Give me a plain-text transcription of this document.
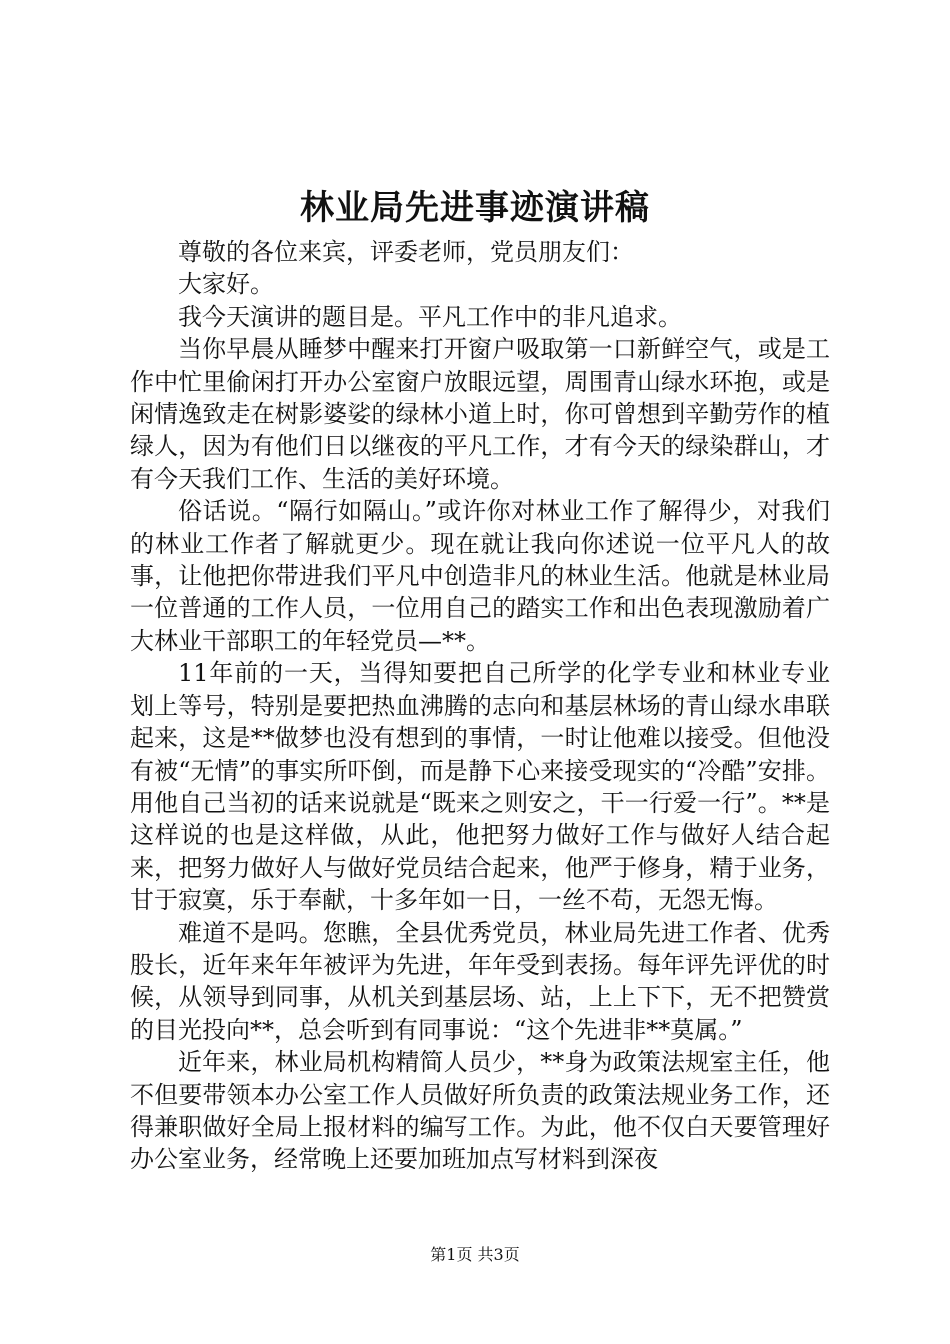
林业局先进事迹演讲稿

尊敬的各位来宾，评委老师，党员朋友们：

大家好。

我今天演讲的题目是。平凡工作中的非凡追求。

当你早晨从睡梦中醒来打开窗户吸取第一口新鲜空气，或是工作中忙里偷闲打开办公室窗户放眼远望，周围青山绿水环抱，或是闲情逸致走在树影婆娑的绿林小道上时，你可曾想到辛勤劳作的植绿人，因为有他们日以继夜的平凡工作，才有今天的绿染群山，才有今天我们工作、生活的美好环境。

俗话说。“隔行如隔山。”或许你对林业工作了解得少，对我们的林业工作者了解就更少。现在就让我向你述说一位平凡人的故事，让他把你带进我们平凡中创造非凡的林业生活。他就是林业局一位普通的工作人员，一位用自己的踏实工作和出色表现激励着广大林业干部职工的年轻党员—**。

11年前的一天，当得知要把自己所学的化学专业和林业专业划上等号，特别是要把热血沸腾的志向和基层林场的青山绿水串联起来，这是**做梦也没有想到的事情，一时让他难以接受。但他没有被“无情”的事实所吓倒，而是静下心来接受现实的“冷酷”安排。用他自己当初的话来说就是“既来之则安之，干一行爱一行”。**是这样说的也是这样做，从此，他把努力做好工作与做好人结合起来，把努力做好人与做好党员结合起来，他严于修身，精于业务，甘于寂寞，乐于奉献，十多年如一日，一丝不苟，无怨无悔。

难道不是吗。您瞧，全县优秀党员，林业局先进工作者、优秀股长，近年来年年被评为先进，年年受到表扬。每年评先评优的时候，从领导到同事，从机关到基层场、站，上上下下，无不把赞赏的目光投向**，总会听到有同事说：“这个先进非**莫属。”

近年来，林业局机构精简人员少，**身为政策法规室主任，他不但要带领本办公室工作人员做好所负责的政策法规业务工作，还得兼职做好全局上报材料的编写工作。为此，他不仅白天要管理好办公室业务，经常晚上还要加班加点写材料到深夜

第1页 共3页
